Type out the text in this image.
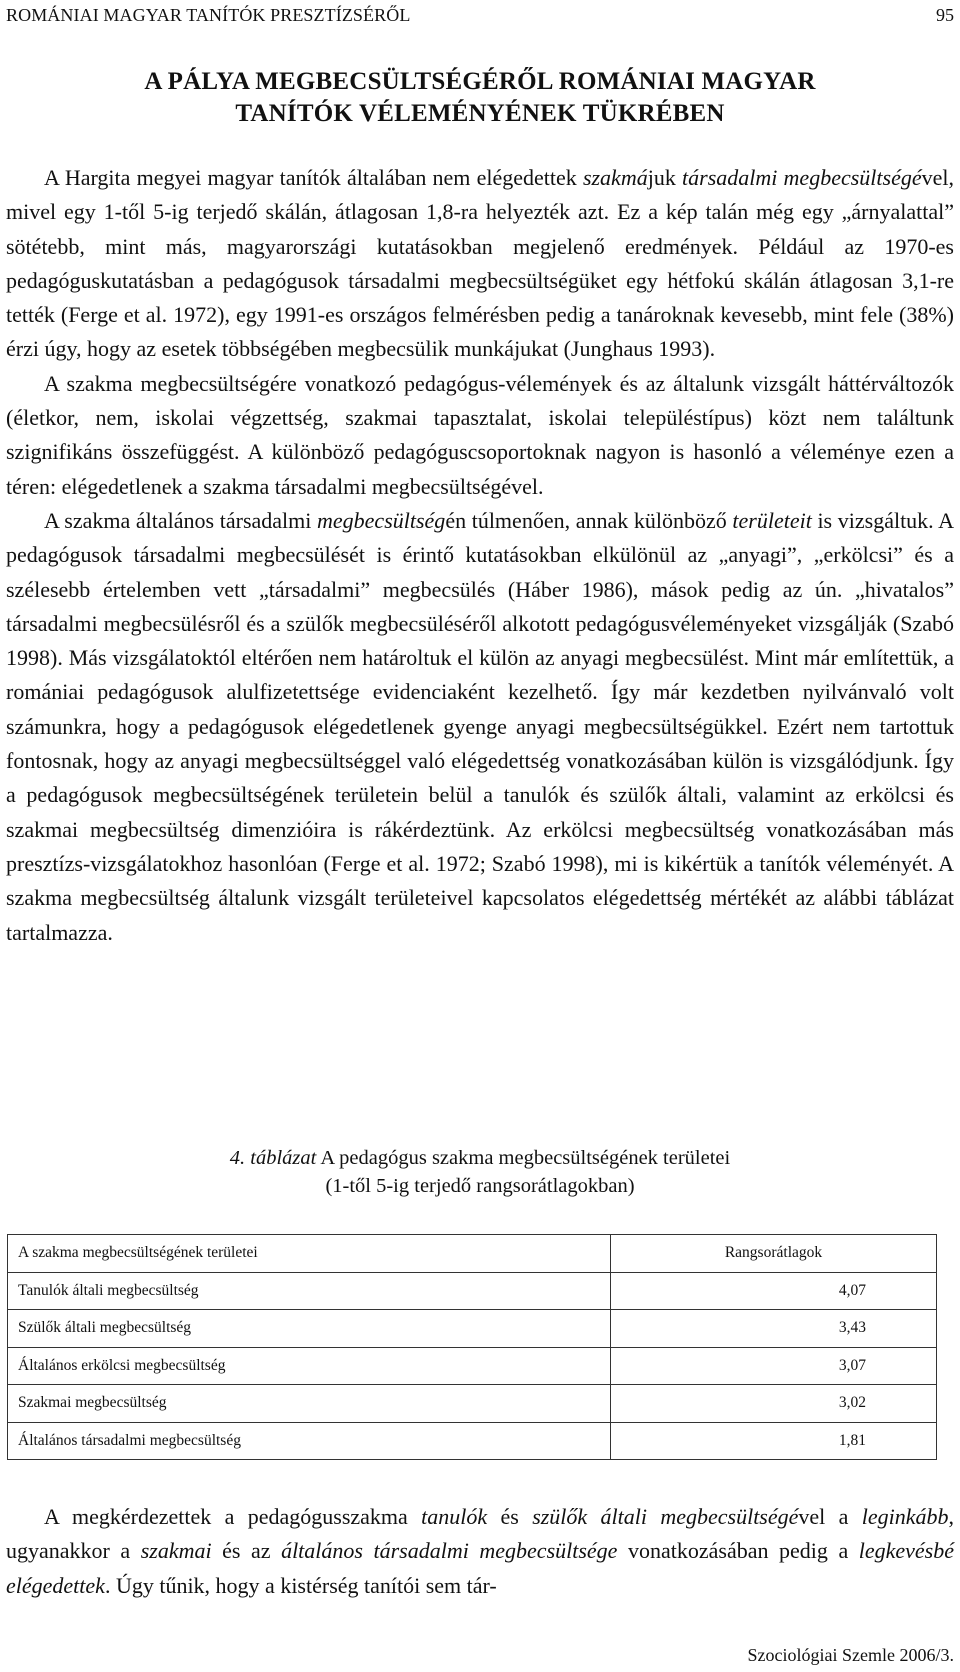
ROMÁNIAI MAGYAR TANÍTÓK PRESZTÍZSÉRŐL	95
A PÁLYA MEGBECSÜLTSÉGÉRŐL ROMÁNIAI MAGYAR
TANÍTÓK VÉLEMÉNYÉNEK TÜKRÉBEN

A Hargita megyei magyar tanítók általában nem elégedettek szakmájuk társadalmi megbecsültségével, mivel egy 1-től 5-ig terjedő skálán, átlagosan 1,8-ra helyezték azt. Ez a kép talán még egy „árnyalattal” sötétebb, mint más, magyarországi kutatásokban megjelenő eredmények. Például az 1970-es pedagóguskutatásban a pedagógusok társadalmi megbecsültségüket egy hétfokú skálán átlagosan 3,1-re tették (Ferge et al. 1972), egy 1991-es országos felmérésben pedig a tanároknak kevesebb, mint fele (38%) érzi úgy, hogy az esetek többségében megbecsülik munkájukat (Junghaus 1993).

A szakma megbecsültségére vonatkozó pedagógus-vélemények és az általunk vizsgált háttérváltozók (életkor, nem, iskolai végzettség, szakmai tapasztalat, iskolai településtípus) közt nem találtunk szignifikáns összefüggést. A különböző pedagóguscsoportoknak nagyon is hasonló a véleménye ezen a téren: elégedetlenek a szakma társadalmi megbecsültségével.

A szakma általános társadalmi megbecsültségén túlmenően, annak különböző területeit is vizsgáltuk. A pedagógusok társadalmi megbecsülését is érintő kutatásokban elkülönül az „anyagi”, „erkölcsi” és a szélesebb értelemben vett „társadalmi” megbecsülés (Háber 1986), mások pedig az ún. „hivatalos” társadalmi megbecsülésről és a szülők megbecsüléséről alkotott pedagógusvéleményeket vizsgálják (Szabó 1998). Más vizsgálatoktól eltérően nem határoltuk el külön az anyagi megbecsülést. Mint már említettük, a romániai pedagógusok alulfizetettsége evidenciaként kezelhető. Így már kezdetben nyilvánvaló volt számunkra, hogy a pedagógusok elégedetlenek gyenge anyagi megbecsültségükkel. Ezért nem tartottuk fontosnak, hogy az anyagi megbecsültséggel való elégedettség vonatkozásában külön is vizsgálódjunk. Így a pedagógusok megbecsültségének területein belül a tanulók és szülők általi, valamint az erkölcsi és szakmai megbecsültség dimenzióira is rákérdeztünk. Az erkölcsi megbecsültség vonatkozásában más presztízs-vizsgálatokhoz hasonlóan (Ferge et al. 1972; Szabó 1998), mi is kikértük a tanítók véleményét. A szakma megbecsültség általunk vizsgált területeivel kapcsolatos elégedettség mértékét az alábbi táblázat tartalmazza.

4. táblázat A pedagógus szakma megbecsültségének területei
(1-től 5-ig terjedő rangsorátlagokban)
A szakma megbecsültségének területei	Rangsorátlagok
Tanulók általi megbecsültség	4,07
Szülők általi megbecsültség	3,43
Általános erkölcsi megbecsültség	3,07
Szakmai megbecsültség	3,02
Általános társadalmi megbecsültség	1,81

A megkérdezettek a pedagógusszakma tanulók és szülők általi megbecsültségével a leginkább, ugyanakkor a szakmai és az általános társadalmi megbecsültsége vonatkozásában pedig a legkevésbé elégedettek. Úgy tűnik, hogy a kistérség tanítói sem tár-

Szociológiai Szemle 2006/3.
